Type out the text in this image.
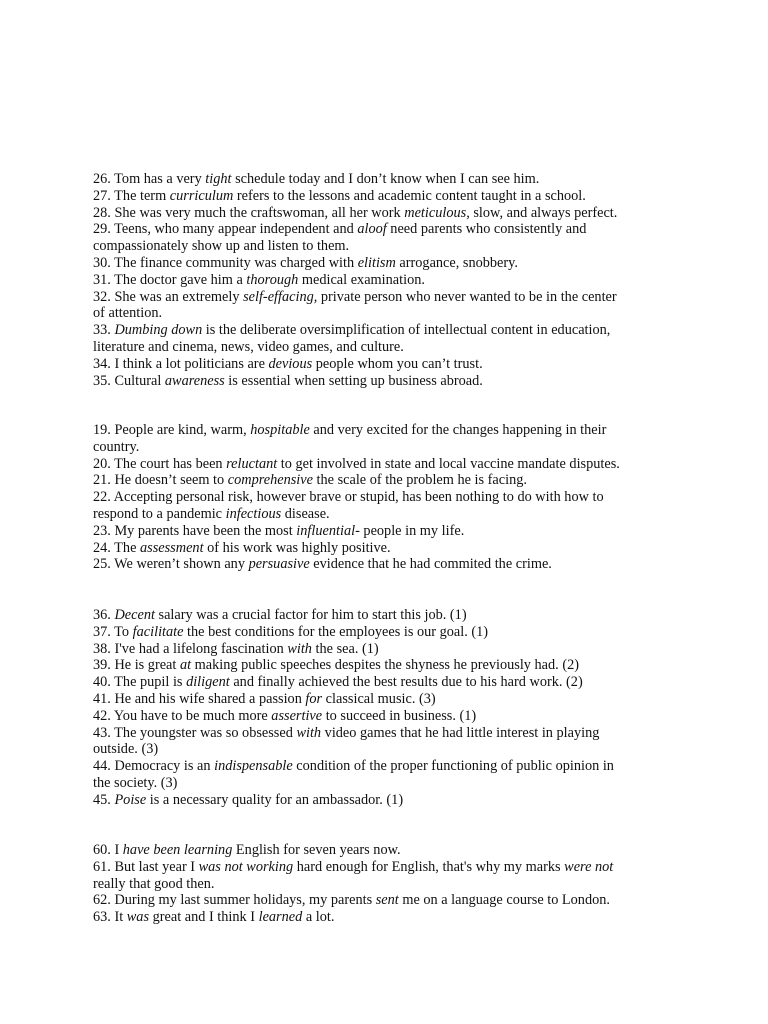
26. Tom has a very tight schedule today and I don’t know when I can see him.
27. The term curriculum refers to the lessons and academic content taught in a school.
28. She was very much the craftswoman, all her work meticulous, slow, and always perfect.
29. Teens, who many appear independent and aloof need parents who consistently and
compassionately show up and listen to them.
30. The finance community was charged with elitism arrogance, snobbery.
31. The doctor gave him a thorough medical examination.
32. She was an extremely self-effacing, private person who never wanted to be in the center
of attention.
33. Dumbing down is the deliberate oversimplification of intellectual content in education,
literature and cinema, news, video games, and culture.
34. I think a lot politicians are devious people whom you can’t trust.
35. Cultural awareness is essential when setting up business abroad.
19. People are kind, warm, hospitable and very excited for the changes happening in their
country.
20. The court has been reluctant to get involved in state and local vaccine mandate disputes.
21. He doesn’t seem to comprehensive the scale of the problem he is facing.
22. Accepting personal risk, however brave or stupid, has been nothing to do with how to
respond to a pandemic infectious disease.
23. My parents have been the most influential- people in my life.
24. The assessment of his work was highly positive.
25. We weren’t shown any persuasive evidence that he had commited the crime.
36. Decent salary was a crucial factor for him to start this job. (1)
37. To facilitate the best conditions for the employees is our goal. (1)
38. I've had a lifelong fascination with the sea. (1)
39. He is great at making public speeches despites the shyness he previously had. (2)
40. The pupil is diligent and finally achieved the best results due to his hard work. (2)
41. He and his wife shared a passion for classical music. (3)
42. You have to be much more assertive to succeed in business. (1)
43. The youngster was so obsessed with video games that he had little interest in playing
outside. (3)
44. Democracy is an indispensable condition of the proper functioning of public opinion in
the society. (3)
45. Poise is a necessary quality for an ambassador. (1)
60. I have been learning English for seven years now.
61. But last year I was not working hard enough for English, that's why my marks were not
really that good then.
62. During my last summer holidays, my parents sent me on a language course to London.
63. It was great and I think I learned a lot.
